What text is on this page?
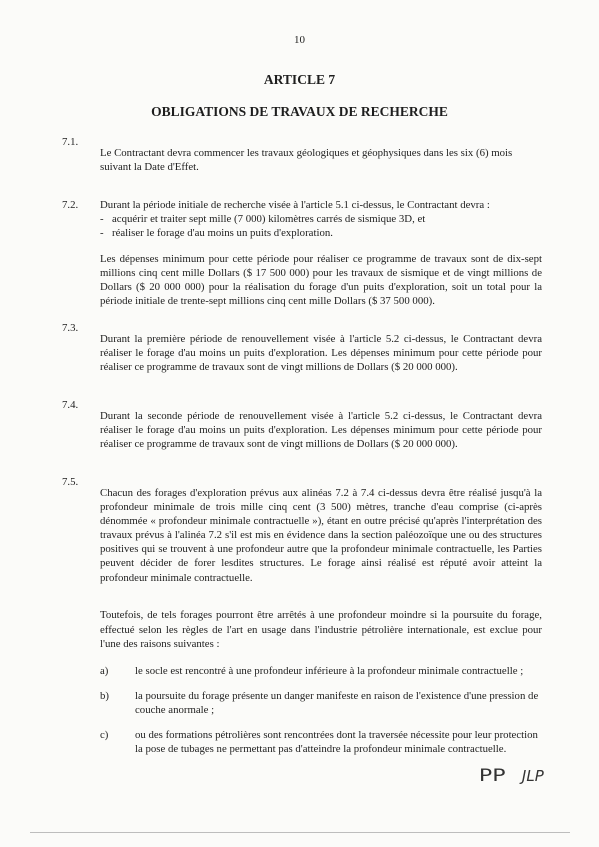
10
ARTICLE 7
OBLIGATIONS DE TRAVAUX DE RECHERCHE
7.1.

Le Contractant devra commencer les travaux géologiques et géophysiques dans les six (6) mois suivant la Date d'Effet.

7.2.	Durant la période initiale de recherche visée à l'article 5.1 ci-dessus, le Contractant devra :

- acquérir et traiter sept mille (7 000) kilomètres carrés de sismique 3D, et
- réaliser le forage d'au moins un puits d'exploration.

Les dépenses minimum pour cette période pour réaliser ce programme de travaux sont de dix-sept millions cinq cent mille Dollars ($ 17 500 000) pour les travaux de sismique et de vingt millions de Dollars ($ 20 000 000) pour la réalisation du forage d'un puits d'exploration, soit un total pour la période initiale de trente-sept millions cinq cent mille Dollars ($ 37 500 000).

7.3.

Durant la première période de renouvellement visée à l'article 5.2 ci-dessus, le Contractant devra réaliser le forage d'au moins un puits d'exploration. Les dépenses minimum pour cette période pour réaliser ce programme de travaux sont de vingt millions de Dollars ($ 20 000 000).

7.4.

Durant la seconde période de renouvellement visée à l'article 5.2 ci-dessus, le Contractant devra réaliser le forage d'au moins un puits d'exploration. Les dépenses minimum pour cette période pour réaliser ce programme de travaux sont de vingt millions de Dollars ($ 20 000 000).

7.5.

Chacun des forages d'exploration prévus aux alinéas 7.2 à 7.4 ci-dessus devra être réalisé jusqu'à la profondeur minimale de trois mille cinq cent (3 500) mètres, tranche d'eau comprise (ci-après dénommée « profondeur minimale contractuelle »), étant en outre précisé qu'après l'interprétation des travaux prévus à l'alinéa 7.2 s'il est mis en évidence dans la section paléozoïque une ou des structures positives qui se trouvent à une profondeur autre que la profondeur minimale contractuelle, les Parties peuvent décider de forer lesdites structures. Le forage ainsi réalisé est réputé avoir atteint la profondeur minimale contractuelle.

Toutefois, de tels forages pourront être arrêtés à une profondeur moindre si la poursuite du forage, effectué selon les règles de l'art en usage dans l'industrie pétrolière internationale, est exclue pour l'une des raisons suivantes :

a)	le socle est rencontré à une profondeur inférieure à la profondeur minimale contractuelle ;
b)	la poursuite du forage présente un danger manifeste en raison de l'existence d'une pression de couche anormale ;
c)	ou des formations pétrolières sont rencontrées dont la traversée nécessite pour leur protection la pose de tubages ne permettant pas d'atteindre la profondeur minimale contractuelle.
PP JLP
